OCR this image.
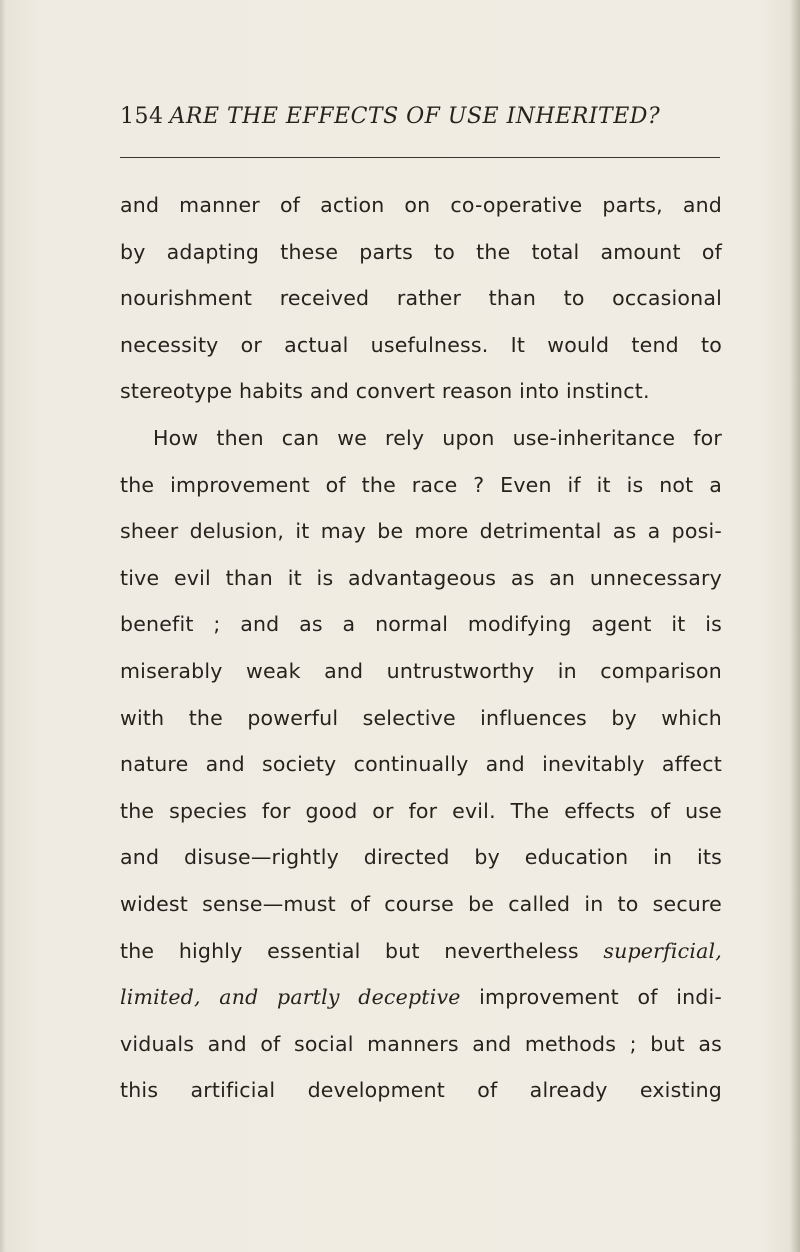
154 ARE THE EFFECTS OF USE INHERITED?
and manner of action on co-operative parts, and
by adapting these parts to the total amount of
nourishment received rather than to occasional
necessity or actual usefulness. It would tend to
stereotype habits and convert reason into instinct.
How then can we rely upon use-inheritance for
the improvement of the race ? Even if it is not a
sheer delusion, it may be more detrimental as a posi-
tive evil than it is advantageous as an unnecessary
benefit ; and as a normal modifying agent it is
miserably weak and untrustworthy in comparison
with the powerful selective influences by which
nature and society continually and inevitably affect
the species for good or for evil. The effects of use
and disuse—rightly directed by education in its
widest sense—must of course be called in to secure
the highly essential but nevertheless superficial,
limited, and partly deceptive improvement of indi-
viduals and of social manners and methods ; but as
this artificial development of already existing
